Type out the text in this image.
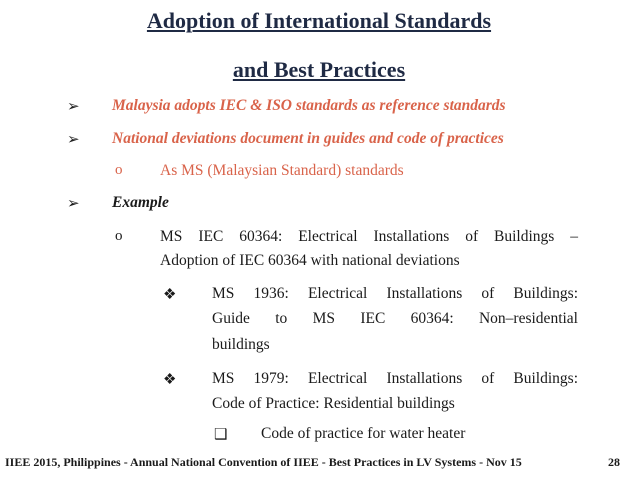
Adoption of International Standards
and Best Practices
➢ Malaysia adopts IEC & ISO standards as reference standards
➢ National deviations document in guides and code of practices
o As MS (Malaysian Standard) standards
➢ Example
o MS IEC 60364: Electrical Installations of Buildings –
Adoption of IEC 60364 with national deviations
❖ MS 1936: Electrical Installations of Buildings:
Guide to MS IEC 60364: Non–residential
buildings
❖ MS 1979: Electrical Installations of Buildings:
Code of Practice: Residential buildings
❑ Code of practice for water heater
IIEE 2015, Philippines - Annual National Convention of IIEE - Best Practices in LV Systems - Nov 15	28
